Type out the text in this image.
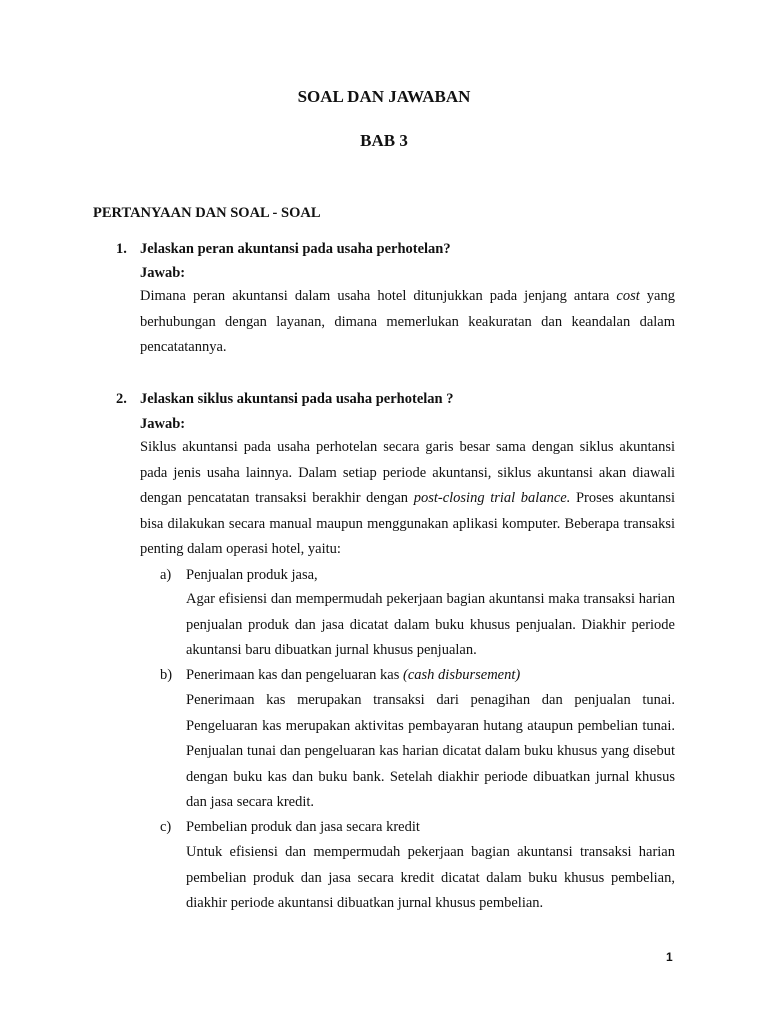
SOAL DAN JAWABAN
BAB 3
PERTANYAAN DAN SOAL - SOAL
1. Jelaskan peran akuntansi pada usaha perhotelan?
Jawab:

Dimana peran akuntansi dalam usaha hotel ditunjukkan pada jenjang antara cost yang berhubungan dengan layanan, dimana memerlukan keakuratan dan keandalan dalam pencatatannya.

2. Jelaskan siklus akuntansi pada usaha perhotelan ?
Jawab:

Siklus akuntansi pada usaha perhotelan secara garis besar sama dengan siklus akuntansi pada jenis usaha lainnya. Dalam setiap periode akuntansi, siklus akuntansi akan diawali dengan pencatatan transaksi berakhir dengan post-closing trial balance. Proses akuntansi bisa dilakukan secara manual maupun menggunakan aplikasi komputer. Beberapa transaksi penting dalam operasi hotel, yaitu:

a) Penjualan produk jasa,

Agar efisiensi dan mempermudah pekerjaan bagian akuntansi maka transaksi harian penjualan produk dan jasa dicatat dalam buku khusus penjualan. Diakhir periode akuntansi baru dibuatkan jurnal khusus penjualan.

b) Penerimaan kas dan pengeluaran kas (cash disbursement)

Penerimaan kas merupakan transaksi dari penagihan dan penjualan tunai. Pengeluaran kas merupakan aktivitas pembayaran hutang ataupun pembelian tunai. Penjualan tunai dan pengeluaran kas harian dicatat dalam buku khusus yang disebut dengan buku kas dan buku bank. Setelah diakhir periode dibuatkan jurnal khusus dan jasa secara kredit.

c) Pembelian produk dan jasa secara kredit

Untuk efisiensi dan mempermudah pekerjaan bagian akuntansi transaksi harian pembelian produk dan jasa secara kredit dicatat dalam buku khusus pembelian, diakhir periode akuntansi dibuatkan jurnal khusus pembelian.

1
